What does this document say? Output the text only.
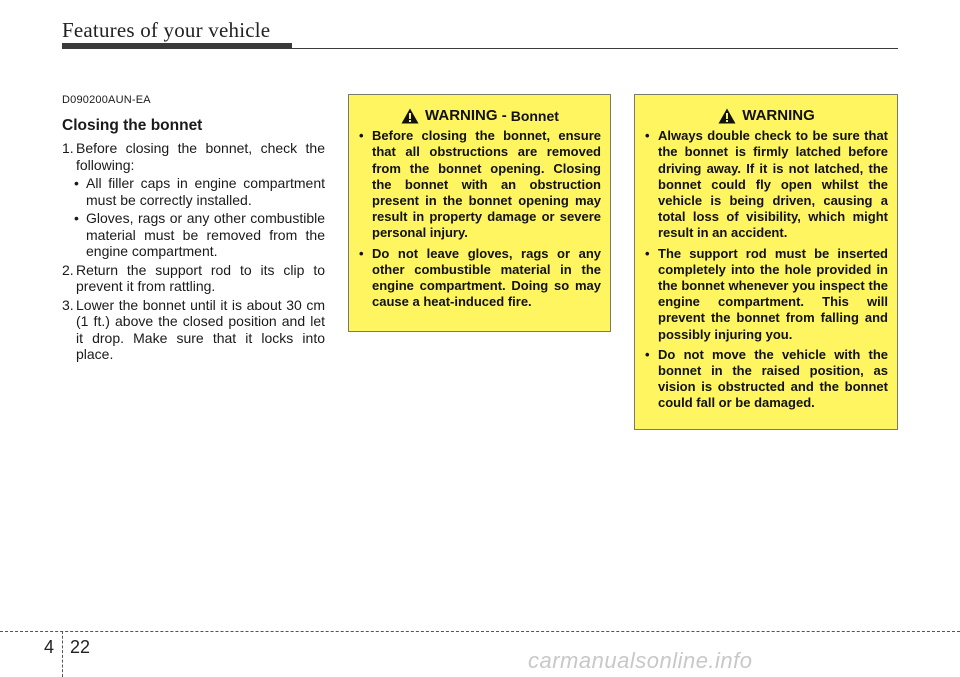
Features of your vehicle
D090200AUN-EA
Closing the bonnet
1. Before closing the bonnet, check the following:
• All filler caps in engine compartment must be correctly installed.
• Gloves, rags or any other combustible material must be removed from the engine compartment.
2. Return the support rod to its clip to prevent it from rattling.
3. Lower the bonnet until it is about 30 cm (1 ft.) above the closed position and let it drop. Make sure that it locks into place.
WARNING - Bonnet
• Before closing the bonnet, ensure that all obstructions are removed from the bonnet opening. Closing the bonnet with an obstruction present in the bonnet opening may result in property damage or severe personal injury.
• Do not leave gloves, rags or any other combustible material in the engine compartment. Doing so may cause a heat-induced fire.
WARNING
• Always double check to be sure that the bonnet is firmly latched before driving away. If it is not latched, the bonnet could fly open whilst the vehicle is being driven, causing a total loss of visibility, which might result in an accident.
• The support rod must be inserted completely into the hole provided in the bonnet whenever you inspect the engine compartment. This will prevent the bonnet from falling and possibly injuring you.
• Do not move the vehicle with the bonnet in the raised position, as vision is obstructed and the bonnet could fall or be damaged.
4 22
carmanualsonline.info
